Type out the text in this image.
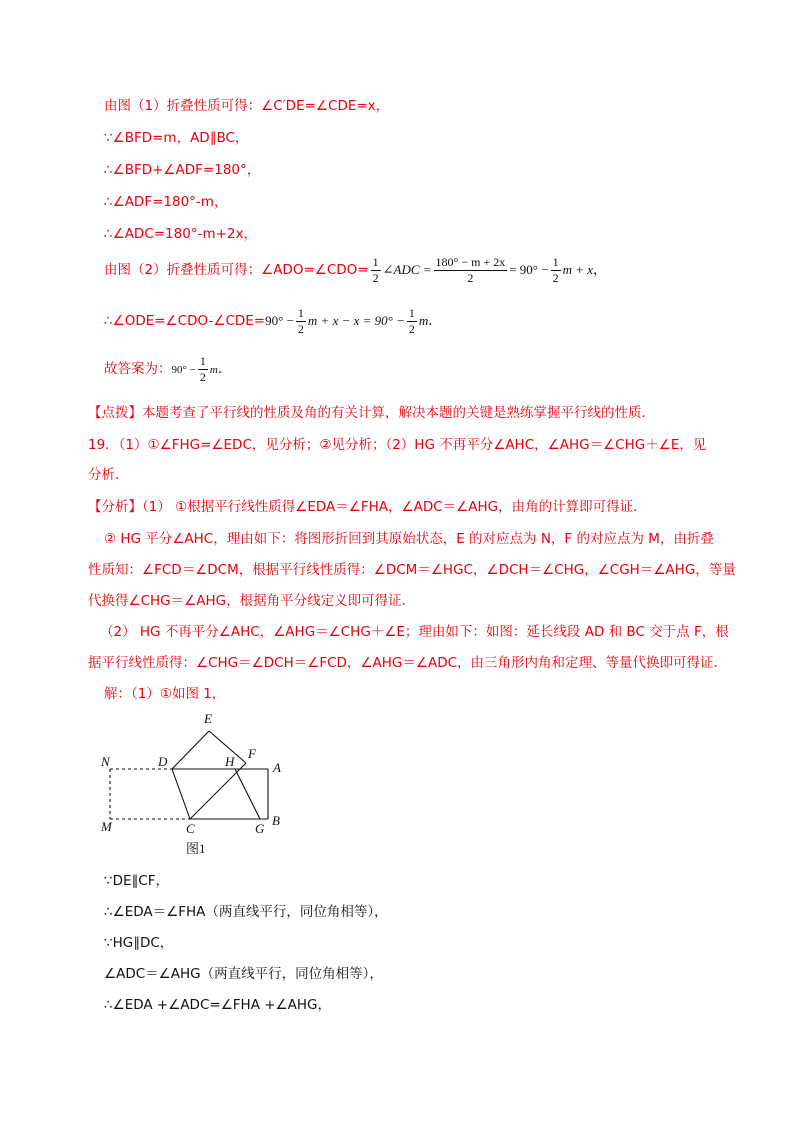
由图（1）折叠性质可得：∠C′DE=∠CDE=x，
∵∠BFD=m，AD∥BC，
∴∠BFD+∠ADF=180°，
∴∠ADF=180°-m，
∴∠ADC=180°-m+2x，
由图（2）折叠性质可得：∠ADO=∠CDO= $\frac{1}{2}$ ∠ADC = $\frac{180^\circ - m + 2x}{2} = 90^\circ - \frac{1}{2}$ m + x，
∴∠ODE=∠CDO-∠CDE=90° − $\frac{1}{2}$ $m + x - x = 90^\circ - \frac{1}{2}$ m．
故答案为：$90^\circ - \frac{1}{2}$ m．
【点拨】本题考查了平行线的性质及角的有关计算，解决本题的关键是熟练掌握平行线的性质．
19．（1）①∠FHG=∠EDC，见分析；②见分析；（2）HG 不再平分∠AHC，∠AHG＝∠CHG＋∠E，见
分析．
【分析】（1） ①根据平行线性质得∠EDA＝∠FHA，∠ADC＝∠AHG，由角的计算即可得证．
② HG 平分∠AHC，理由如下：将图形折回到其原始状态，E 的对应点为 N，F 的对应点为 M，由折叠
性质知：∠FCD＝∠DCM，根据平行线性质得：∠DCM＝∠HGC，∠DCH＝∠CHG，∠CGH＝∠AHG，等量
代换得∠CHG＝∠AHG，根据角平分线定义即可得证．
（2） HG 不再平分∠AHC，∠AHG＝∠CHG＋∠E；理由如下：如图：延长线段 AD 和 BC 交于点 F，根
据平行线性质得：∠CHG＝∠DCH＝∠FCD，∠AHG＝∠ADC，由三角形内角和定理、等量代换即可得证．
解：（1）①如图 1，
E
F
N	D	H	A
M	C	G
B
图1
∵DE∥CF，
∴∠EDA＝∠FHA（两直线平行，同位角相等），
∵HG∥DC，
∠ADC＝∠AHG（两直线平行，同位角相等），
∴∠EDA +∠ADC=∠FHA +∠AHG，
